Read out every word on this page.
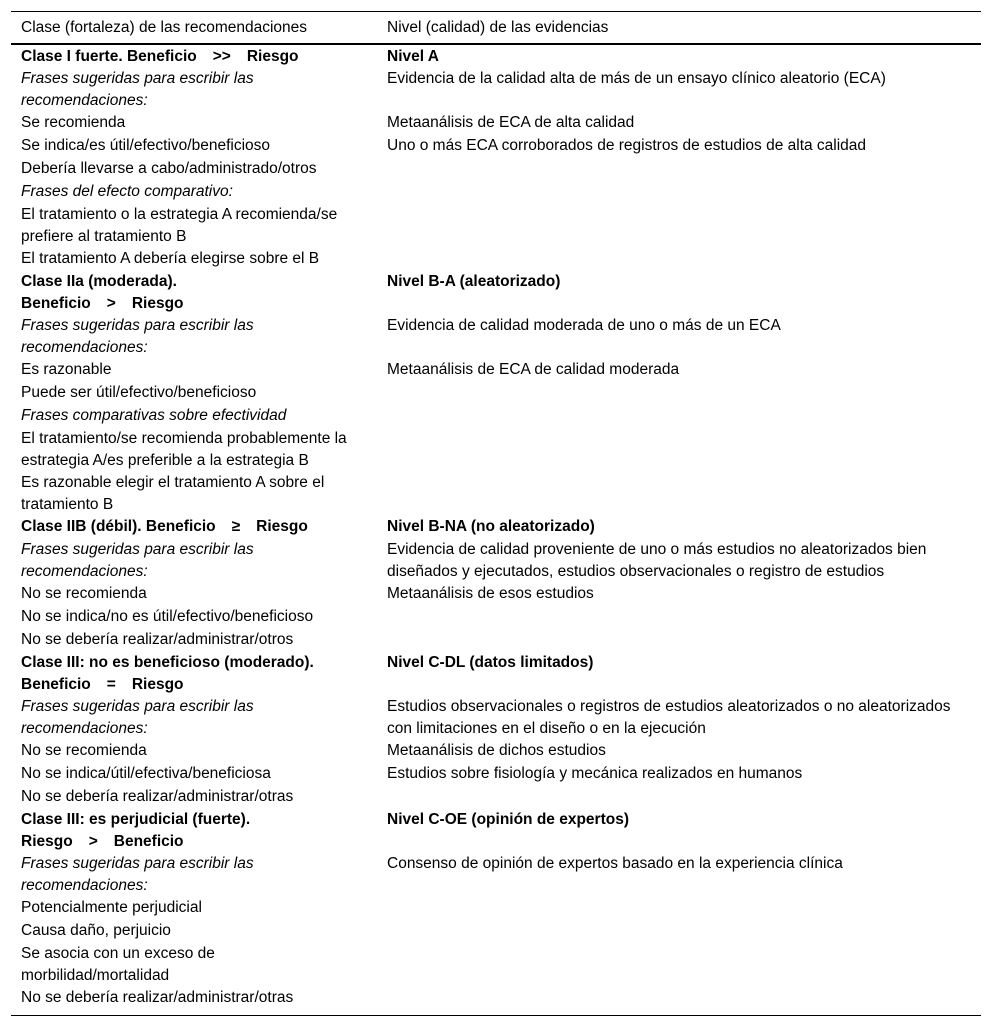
Clase (fortaleza) de las recomendaciones	Nivel (calidad) de las evidencias
Clase I fuerte. Beneficio >> Riesgo
Frases sugeridas para escribir las recomendaciones:
Se recomienda
Se indica/es útil/efectivo/beneficioso
Debería llevarse a cabo/administrado/otros
Frases del efecto comparativo:
El tratamiento o la estrategia A recomienda/se prefiere al tratamiento B
El tratamiento A debería elegirse sobre el B
Nivel A
Evidencia de la calidad alta de más de un ensayo clínico aleatorio (ECA)
Metaanálisis de ECA de alta calidad
Uno o más ECA corroborados de registros de estudios de alta calidad
Clase IIa (moderada).
Beneficio > Riesgo
Frases sugeridas para escribir las recomendaciones:
Es razonable
Puede ser útil/efectivo/beneficioso
Frases comparativas sobre efectividad
El tratamiento/se recomienda probablemente la estrategia A/es preferible a la estrategia B
Es razonable elegir el tratamiento A sobre el tratamiento B
Nivel B-A (aleatorizado)
Evidencia de calidad moderada de uno o más de un ECA
Metaanálisis de ECA de calidad moderada
Clase IIB (débil). Beneficio ≥ Riesgo
Frases sugeridas para escribir las recomendaciones:
No se recomienda
No se indica/no es útil/efectivo/beneficioso
No se debería realizar/administrar/otros
Nivel B-NA (no aleatorizado)
Evidencia de calidad proveniente de uno o más estudios no aleatorizados bien diseñados y ejecutados, estudios observacionales o registro de estudios
Metaanálisis de esos estudios
Clase III: no es beneficioso (moderado).
Beneficio = Riesgo
Frases sugeridas para escribir las recomendaciones:
No se recomienda
No se indica/útil/efectiva/beneficiosa
No se debería realizar/administrar/otras
Nivel C-DL (datos limitados)
Estudios observacionales o registros de estudios aleatorizados o no aleatorizados con limitaciones en el diseño o en la ejecución
Metaanálisis de dichos estudios
Estudios sobre fisiología y mecánica realizados en humanos
Clase III: es perjudicial (fuerte).
Riesgo > Beneficio
Frases sugeridas para escribir las recomendaciones:
Potencialmente perjudicial
Causa daño, perjuicio
Se asocia con un exceso de morbilidad/mortalidad
No se debería realizar/administrar/otras
Nivel C-OE (opinión de expertos)
Consenso de opinión de expertos basado en la experiencia clínica
